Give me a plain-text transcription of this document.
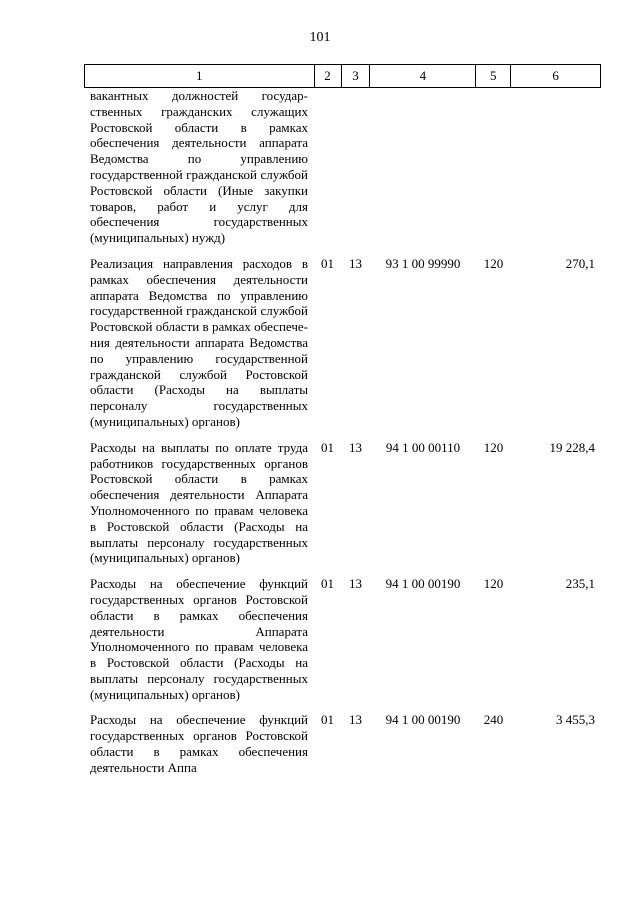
101
1	2	3	4	5	6
вакантных должностей государственных гражданских служащих Ростовской области в рамках обеспечения деятельности аппарата Ведомства по управлению государственной гражданской службой Ростовской области (Иные закупки товаров, работ и услуг для обеспечения государственных (муниципальных) нужд)
Реализация направления расходов в рамках обеспечения деятельности аппарата Ведомства по управлению государственной гражданской службой Ростовской области в рамках обеспечения деятельности аппарата Ведомства по управлению государственной гражданской службой Ростовской области (Расходы на выплаты персоналу государственных (муниципальных) органов)
01	13	93 1 00 99990	120	270,1
Расходы на выплаты по оплате труда работников государственных органов Ростовской области в рамках обеспечения деятельности Аппарата Уполномоченного по правам человека в Ростовской области (Расходы на выплаты персоналу государственных (муниципальных) органов)
01	13	94 1 00 00110	120	19 228,4
Расходы на обеспечение функций государственных органов Ростовской области в рамках обеспечения деятельности Аппарата Уполномоченного по правам человека в Ростовской области (Расходы на выплаты персоналу государственных (муниципальных) органов)
01	13	94 1 00 00190	120	235,1
Расходы на обеспечение функций государственных органов Ростовской области в рамках обеспечения деятельности Аппа
01	13	94 1 00 00190	240	3 455,3
